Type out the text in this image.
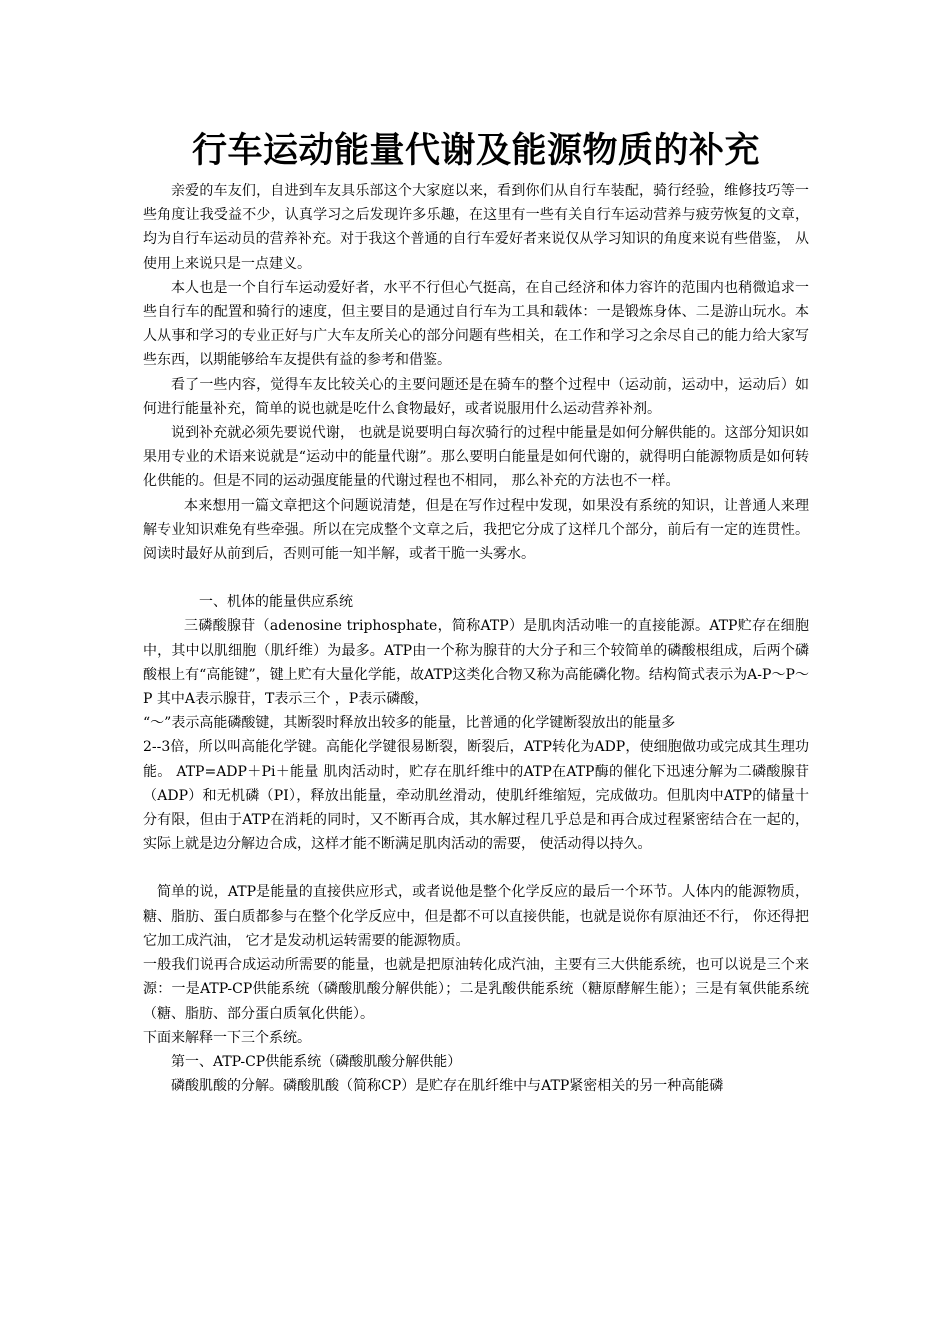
行车运动能量代谢及能源物质的补充

亲爱的车友们，自进到车友具乐部这个大家庭以来，看到你们从自行车装配，骑行经验，维修技巧等一些角度让我受益不少，认真学习之后发现许多乐趣，在这里有一些有关自行车运动营养与疲劳恢复的文章，均为自行车运动员的营养补充。对于我这个普通的自行车爱好者来说仅从学习知识的角度来说有些借鉴， 从使用上来说只是一点建义。

本人也是一个自行车运动爱好者，水平不行但心气挺高，在自己经济和体力容许的范围内也稍微追求一些自行车的配置和骑行的速度，但主要目的是通过自行车为工具和载体：一是锻炼身体、二是游山玩水。本人从事和学习的专业正好与广大车友所关心的部分问题有些相关，在工作和学习之余尽自己的能力给大家写些东西，以期能够给车友提供有益的参考和借鉴。

看了一些内容，觉得车友比较关心的主要问题还是在骑车的整个过程中（运动前，运动中，运动后）如何进行能量补充，简单的说也就是吃什么食物最好，或者说服用什么运动营养补剂。

说到补充就必须先要说代谢， 也就是说要明白每次骑行的过程中能量是如何分解供能的。这部分知识如果用专业的术语来说就是“运动中的能量代谢”。那么要明白能量是如何代谢的，就得明白能源物质是如何转化供能的。但是不同的运动强度能量的代谢过程也不相同， 那么补充的方法也不一样。

本来想用一篇文章把这个问题说清楚，但是在写作过程中发现，如果没有系统的知识，让普通人来理解专业知识难免有些牵强。所以在完成整个文章之后，我把它分成了这样几个部分，前后有一定的连贯性。阅读时最好从前到后，否则可能一知半解，或者干脆一头雾水。

一、机体的能量供应系统

三磷酸腺苷（adenosine triphosphate，简称ATP）是肌肉活动唯一的直接能源。ATP贮存在细胞中，其中以肌细胞（肌纤维）为最多。ATP由一个称为腺苷的大分子和三个较简单的磷酸根组成，后两个磷酸根上有“高能键”，键上贮有大量化学能，故ATP这类化合物又称为高能磷化物。结构简式表示为A-P～P～P 其中A表示腺苷，T表示三个 ，P表示磷酸，

“～”表示高能磷酸键，其断裂时释放出较多的能量，比普通的化学键断裂放出的能量多

2--3倍，所以叫高能化学键。高能化学键很易断裂，断裂后，ATP转化为ADP，使细胞做功或完成其生理功能。 ATP=ADP＋Pi＋能量 肌肉活动时，贮存在肌纤维中的ATP在ATP酶的催化下迅速分解为二磷酸腺苷（ADP）和无机磷（PI），释放出能量，牵动肌丝滑动，使肌纤维缩短，完成做功。但肌肉中ATP的储量十分有限，但由于ATP在消耗的同时，又不断再合成，其水解过程几乎总是和再合成过程紧密结合在一起的，实际上就是边分解边合成，这样才能不断满足肌肉活动的需要， 使活动得以持久。

简单的说，ATP是能量的直接供应形式，或者说他是整个化学反应的最后一个环节。人体内的能源物质，糖、脂肪、蛋白质都参与在整个化学反应中，但是都不可以直接供能，也就是说你有原油还不行， 你还得把它加工成汽油， 它才是发动机运转需要的能源物质。

一般我们说再合成运动所需要的能量，也就是把原油转化成汽油，主要有三大供能系统，也可以说是三个来源：一是ATP-CP供能系统（磷酸肌酸分解供能）；二是乳酸供能系统（糖原酵解生能）；三是有氧供能系统（糖、脂肪、部分蛋白质氧化供能）。

下面来解释一下三个系统。

第一、ATP-CP供能系统（磷酸肌酸分解供能）

磷酸肌酸的分解。磷酸肌酸（简称CP）是贮存在肌纤维中与ATP紧密相关的另一种高能磷
